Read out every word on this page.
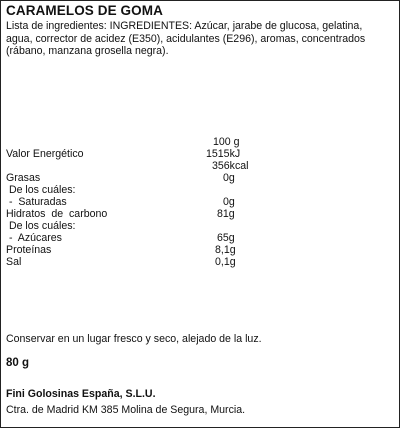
CARAMELOS DE GOMA
Lista de ingredientes: INGREDIENTES: Azúcar, jarabe de glucosa, gelatina,
agua, corrector de acidez (E350), acidulantes (E296), aromas, concentrados
(rábano, manzana grosella negra).
100 g
Valor Energético	1515kJ
356kcal
Grasas	0g
De los cuáles:
-  Saturadas	0g
Hidratos  de  carbono	81g
De los cuáles:
-  Azúcares	65g
Proteínas	8,1g
Sal	0,1g
Conservar en un lugar fresco y seco, alejado de la luz.
80 g
Fini Golosinas España, S.L.U.
Ctra. de Madrid KM 385 Molina de Segura, Murcia.
